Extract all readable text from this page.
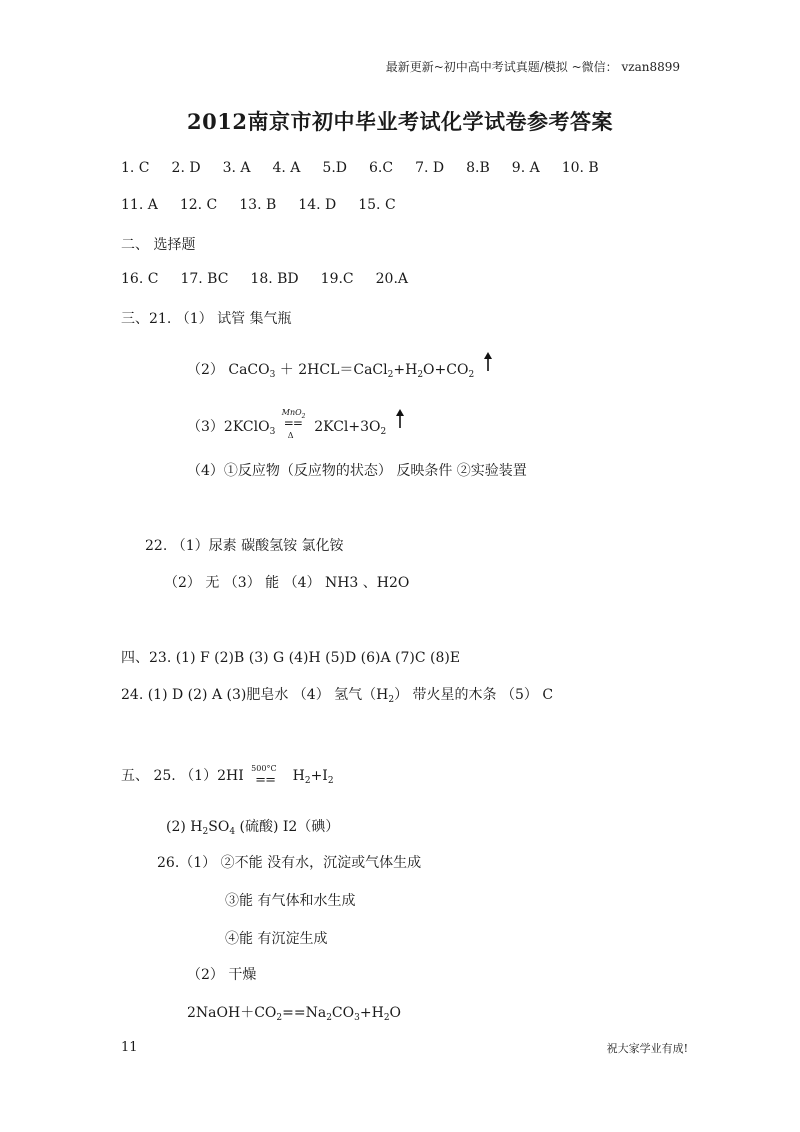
最新更新~初中高中考试真题/模拟 ~微信： vzan8899
2012南京市初中毕业考试化学试卷参考答案
1. C 2. D 3. A 4. A 5.D 6.C 7. D 8.B 9. A 10. B
11. A 12. C 13. B 14. D 15. C
二、 选择题
16. C 17. BC 18. BD 19.C 20.A
三、21. （1） 试管 集气瓶
（2） CaCO$_3$ ＋ $2HCL=CaCl_2+H_2O+CO_2$
（3）2KClO$_3$
MnO$_2$
==
Δ
$2KCl+3O_2$
（4）①反应物（反应物的状态） 反映条件 ②实验装置
22. （1）尿素 碳酸氢铵 氯化铵
（2） 无 （3） 能 （4） NH3 、H2O
四、23. (1) F (2)B (3) G (4)H (5)D (6)A (7)C (8)E
24. (1) D (2) A (3)肥皂水 （4） 氢气$(H_2)$ 带火星的木条 （5） C
五、 25. （1）2HI 500°C
== $H_2+I_2$
(2) $H_2SO_4$ (硫酸) I2（碘）
26.（1） ②不能 没有水，沉淀或气体生成
③能 有气体和水生成
④能 有沉淀生成
（2） 干燥
$2NaOH+CO_2==Na_2CO_3+H_2O$
11	祝大家学业有成!
